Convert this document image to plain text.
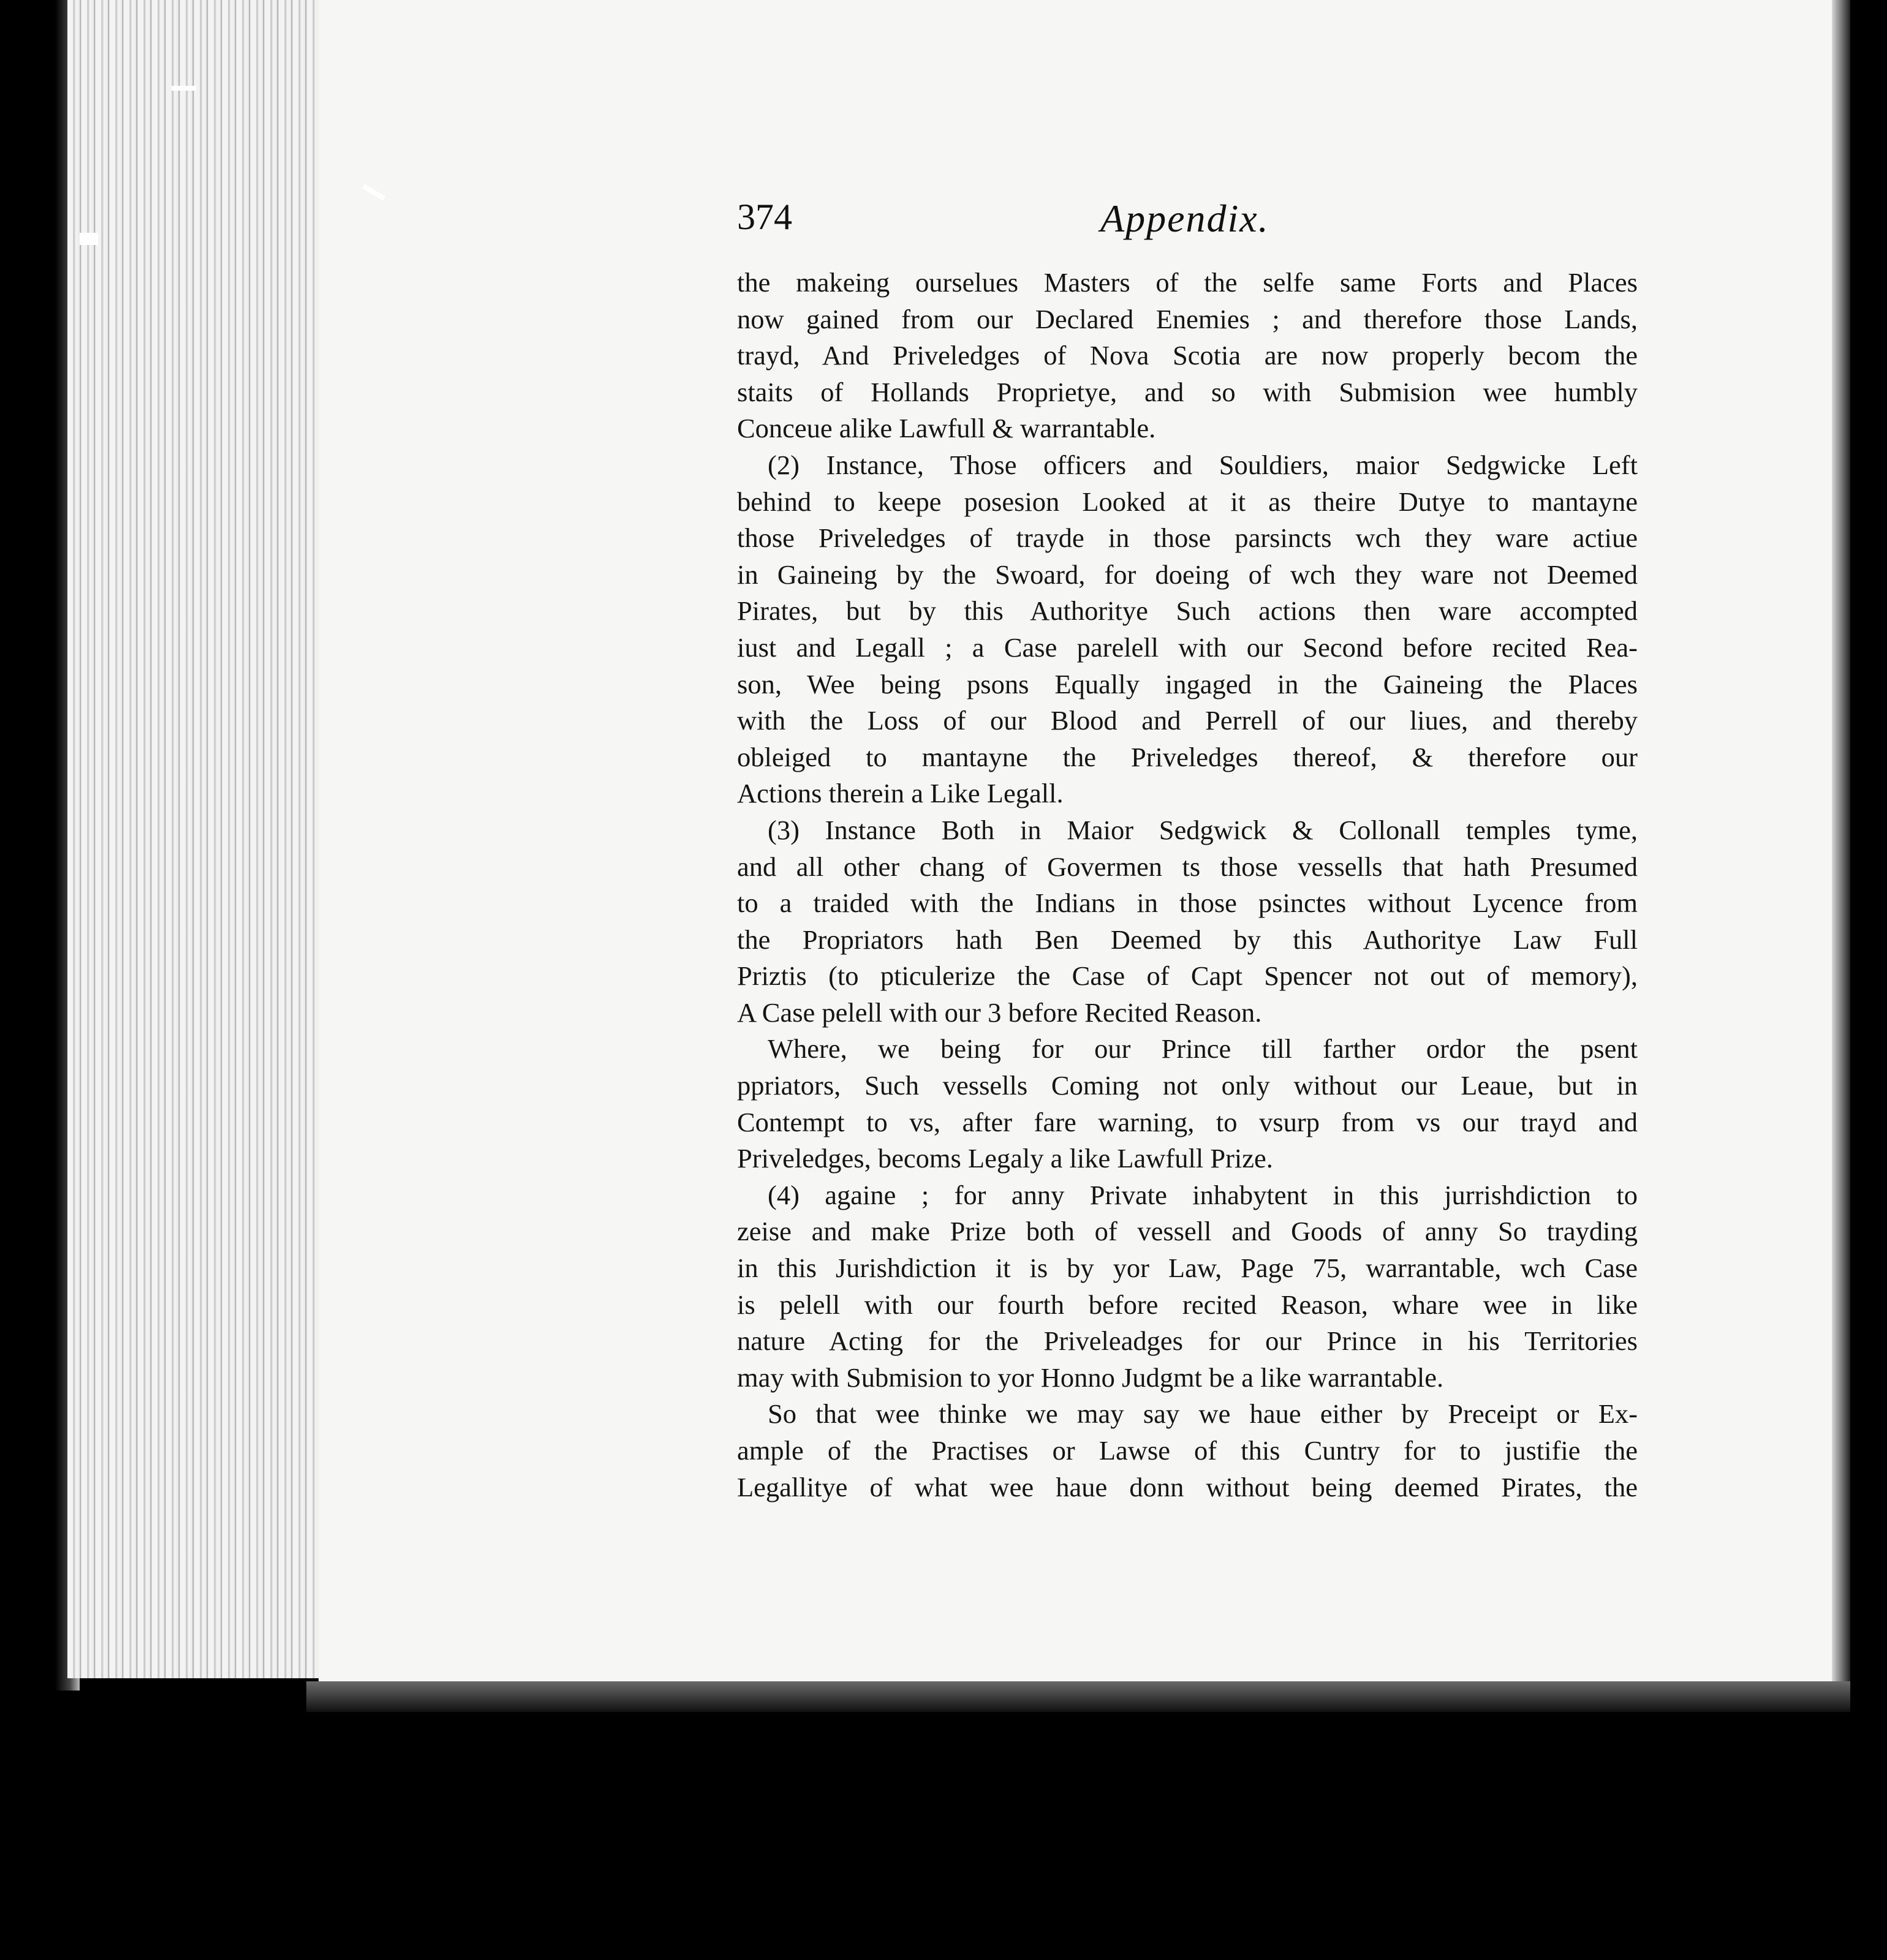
374	Appendix.
the makeing ourselues Masters of the selfe same Forts and Places
now gained from our Declared Enemies ; and therefore those Lands,
trayd, And Priveledges of Nova Scotia are now properly becom the
staits of Hollands Proprietye, and so with Submision wee humbly
Conceue alike Lawfull & warrantable.
(2) Instance, Those officers and Souldiers, maior Sedgwicke Left
behind to keepe posesion Looked at it as theire Dutye to mantayne
those Priveledges of trayde in those parsincts wch they ware actiue
in Gaineing by the Swoard, for doeing of wch they ware not Deemed
Pirates, but by this Authoritye Such actions then ware accompted
iust and Legall ; a Case parelell with our Second before recited Rea-
son, Wee being psons Equally ingaged in the Gaineing the Places
with the Loss of our Blood and Perrell of our liues, and thereby
obleiged to mantayne the Priveledges thereof, & therefore our
Actions therein a Like Legall.
(3) Instance Both in Maior Sedgwick & Collonall temples tyme,
and all other chang of Govermen ts those vessells that hath Presumed
to a traided with the Indians in those psinctes without Lycence from
the Propriators hath Ben Deemed by this Authoritye Law Full
Priztis (to pticulerize the Case of Capt Spencer not out of memory),
A Case pelell with our 3 before Recited Reason.
Where, we being for our Prince till farther ordor the psent
ppriators, Such vessells Coming not only without our Leaue, but in
Contempt to vs, after fare warning, to vsurp from vs our trayd and
Priveledges, becoms Legaly a like Lawfull Prize.
(4) againe ; for anny Private inhabytent in this jurrishdiction to
zeise and make Prize both of vessell and Goods of anny So trayding
in this Jurishdiction it is by yor Law, Page 75, warrantable, wch Case
is pelell with our fourth before recited Reason, whare wee in like
nature Acting for the Priveleadges for our Prince in his Territories
may with Submision to yor Honno Judgmt be a like warrantable.
So that wee thinke we may say we haue either by Preceipt or Ex-
ample of the Practises or Lawse of this Cuntry for to justifie the
Legallitye of what wee haue donn without being deemed Pirates, the
